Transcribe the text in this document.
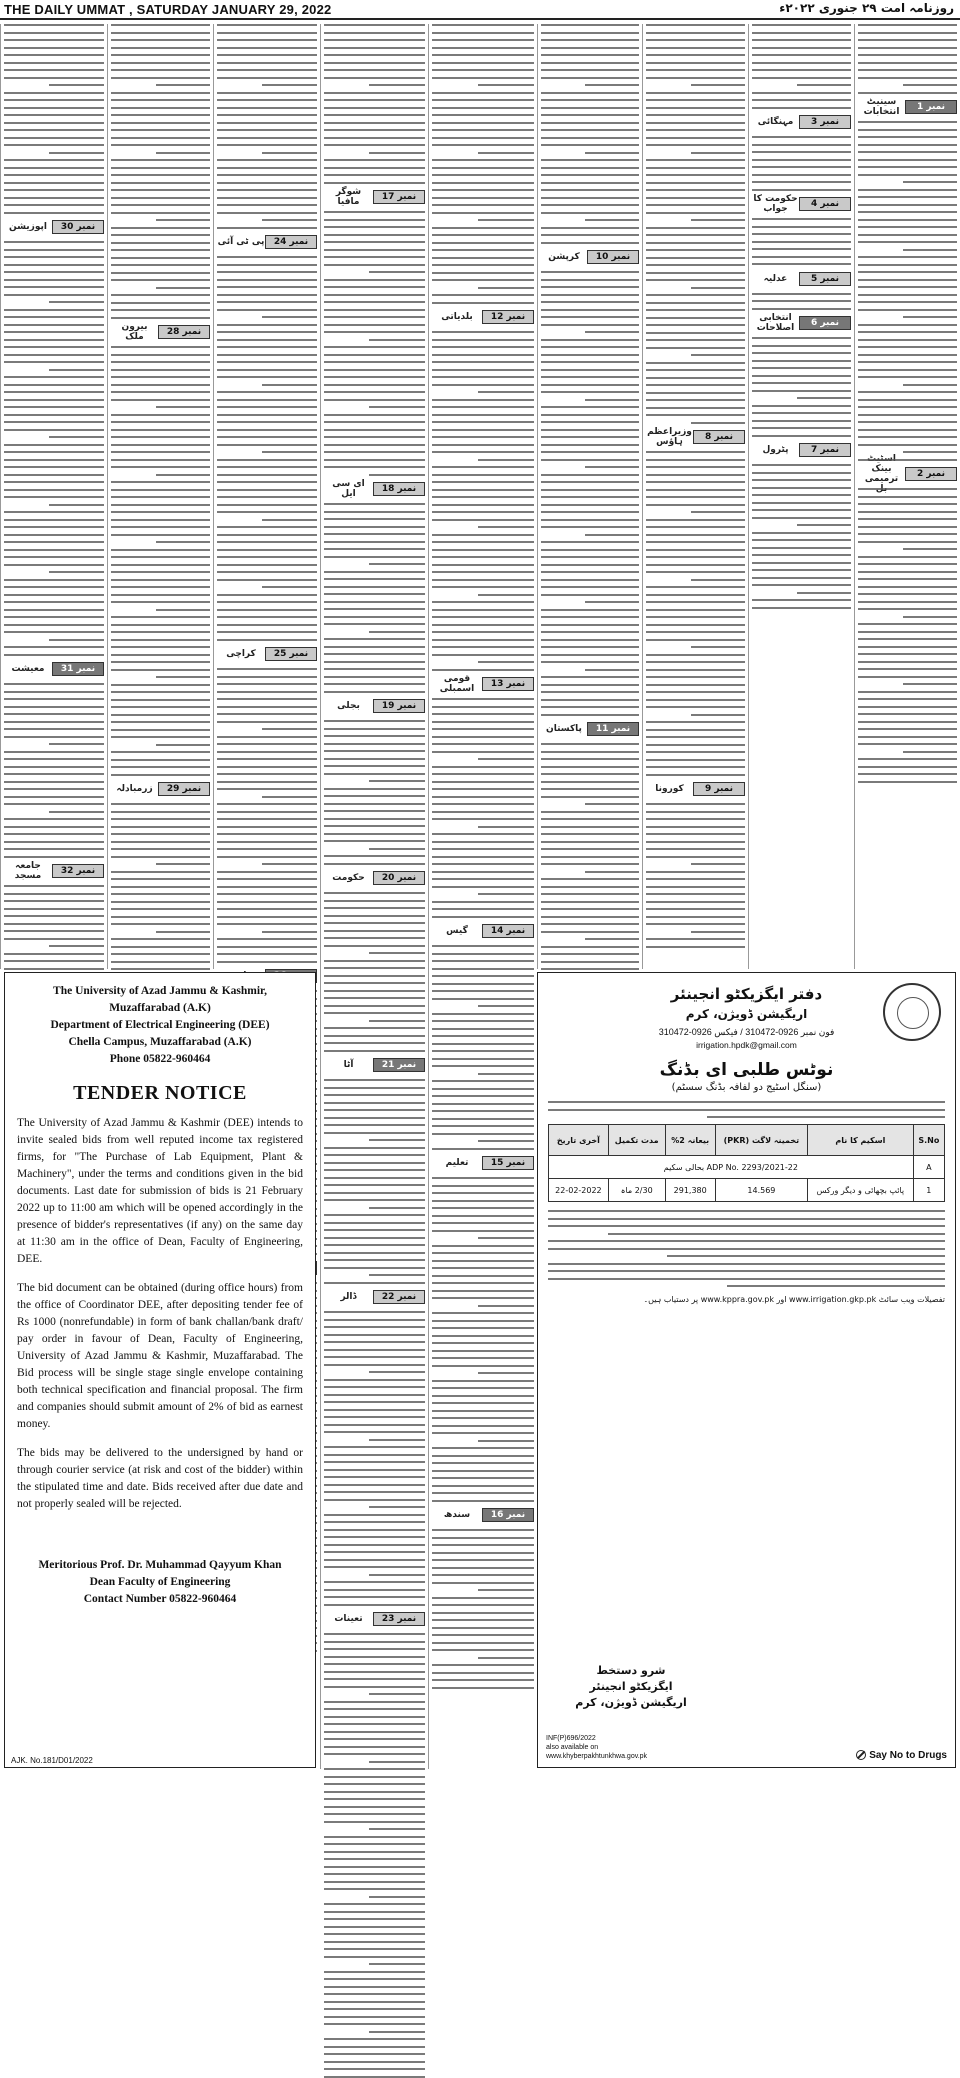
THE DAILY UMMAT , SATURDAY JANUARY 29, 2022	روزنامہ امت ۲۹ جنوری ۲۰۲۲ء
سینیٹ انتخابات	نمبر 1
بینک ترمیمی	نمبر 2
مہنگائی	نمبر 3
حکومت کا جواب	نمبر 4
عدلیہ	نمبر 5
انتخابی اصلاحات	نمبر 6
پٹرول	نمبر 7
وزیراعظم ہاؤس	نمبر 8
کورونا	نمبر 9
کرپشن	نمبر 10
پاکستان	نمبر 11
بلدیاتی	نمبر 12
قومی اسمبلی	نمبر 13
گیس	نمبر 14
تعلیم	نمبر 15
سندھ	نمبر 16
شوگر مافیا	نمبر 17
ای سی ایل	نمبر 18
بجلی	نمبر 19
حکومت	نمبر 20
آٹا	نمبر 21
ڈالر	نمبر 22
تعینات	نمبر 23
پی ٹی آئی	نمبر 24
کراچی	نمبر 25
بیرون ملک	نمبر 28
زرمبادلہ	نمبر 29
اپوزیشن	نمبر 30
معیشت	نمبر 31
جامعہ مسجد	نمبر 32
The University of Azad Jammu & Kashmir, Muzaffarabad (A.K)
Department of Electrical Engineering (DEE)
Chella Campus, Muzaffarabad (A.K)
Phone 05822-960464
TENDER NOTICE

The University of Azad Jammu & Kashmir (DEE) intends to invite sealed bids from well reputed income tax registered firms, for "The Purchase of Lab Equipment, Plant & Machinery", under the terms and conditions given in the bid documents. Last date for submission of bids is 21 February 2022 up to 11:00 am which will be opened accordingly in the presence of bidder's representatives (if any) on the same day at 11:30 am in the office of Dean, Faculty of Engineering, DEE.

The bid document can be obtained (during office hours) from the office of Coordinator DEE, after depositing tender fee of Rs 1000 (nonrefundable) in form of bank challan/bank draft/ pay order in favour of Dean, Faculty of Engineering, University of Azad Jammu & Kashmir, Muzaffarabad. The Bid process will be single stage single envelope containing both technical specification and financial proposal. The firm and companies should submit amount of 2% of bid as earnest money.

The bids may be delivered to the undersigned by hand or through courier service (at risk and cost of the bidder) within the stipulated time and date. Bids received after due date and not properly sealed will be rejected.

Meritorious Prof. Dr. Muhammad Qayyum Khan
Dean Faculty of Engineering
Contact Number 05822-960464
AJK. No.181/D01/2022
دفتر ایگزیکٹو انجینئر
اریگیشن ڈویژن، کرم
فون نمبر 0926-310472 / فیکس 0926-310472
irrigation.hpdk@gmail.com
نوٹس طلبی ای بڈنگ
(سنگل اسٹیج دو لفافہ بڈنگ سسٹم)
S.No	اسکیم کا نام	تخمینہ لاگت (PKR)	بیعانہ 2%	مدت تکمیل	آخری تاریخ
A	ADP No. 2293/2021-22 بحالی سکیم				
1	پائپ بچھائی و دیگر ورکس	14.569	291,380	2/30 ماہ	22-02-2022
تفصیلات ویب سائٹ www.irrigation.gkp.pk اور www.kppra.gov.pk پر دستیاب ہیں۔
شرو دستخط
ایگزیکٹو انجینئر
اریگیشن ڈویژن، کرم
INF(P)696/2022
also available on
www.khyberpakhtunkhwa.gov.pk	Say No to Drugs
